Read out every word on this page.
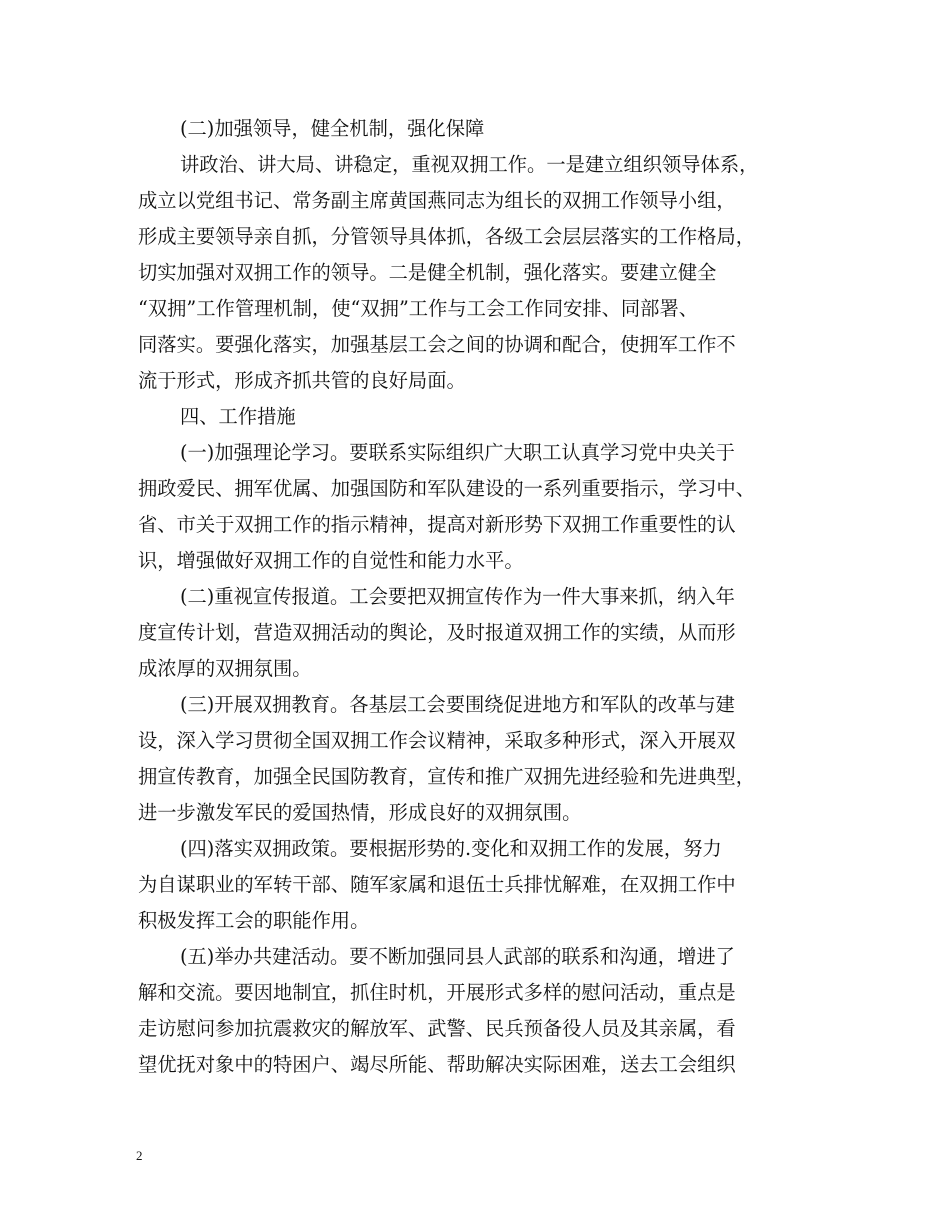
(二)加强领导，健全机制，强化保障
讲政治、讲大局、讲稳定，重视双拥工作。一是建立组织领导体系，
成立以党组书记、常务副主席黄国燕同志为组长的双拥工作领导小组，
形成主要领导亲自抓，分管领导具体抓，各级工会层层落实的工作格局，
切实加强对双拥工作的领导。二是健全机制，强化落实。要建立健全
“双拥”工作管理机制，使“双拥”工作与工会工作同安排、同部署、
同落实。要强化落实，加强基层工会之间的协调和配合，使拥军工作不
流于形式，形成齐抓共管的良好局面。
四、工作措施
(一)加强理论学习。要联系实际组织广大职工认真学习党中央关于
拥政爱民、拥军优属、加强国防和军队建设的一系列重要指示，学习中、
省、市关于双拥工作的指示精神，提高对新形势下双拥工作重要性的认
识，增强做好双拥工作的自觉性和能力水平。
(二)重视宣传报道。工会要把双拥宣传作为一件大事来抓，纳入年
度宣传计划，营造双拥活动的舆论，及时报道双拥工作的实绩，从而形
成浓厚的双拥氛围。
(三)开展双拥教育。各基层工会要围绕促进地方和军队的改革与建
设，深入学习贯彻全国双拥工作会议精神，采取多种形式，深入开展双
拥宣传教育，加强全民国防教育，宣传和推广双拥先进经验和先进典型，
进一步激发军民的爱国热情，形成良好的双拥氛围。
(四)落实双拥政策。要根据形势的.变化和双拥工作的发展，努力
为自谋职业的军转干部、随军家属和退伍士兵排忧解难，在双拥工作中
积极发挥工会的职能作用。
(五)举办共建活动。要不断加强同县人武部的联系和沟通，增进了
解和交流。要因地制宜，抓住时机，开展形式多样的慰问活动，重点是
走访慰问参加抗震救灾的解放军、武警、民兵预备役人员及其亲属，看
望优抚对象中的特困户、竭尽所能、帮助解决实际困难，送去工会组织
2
